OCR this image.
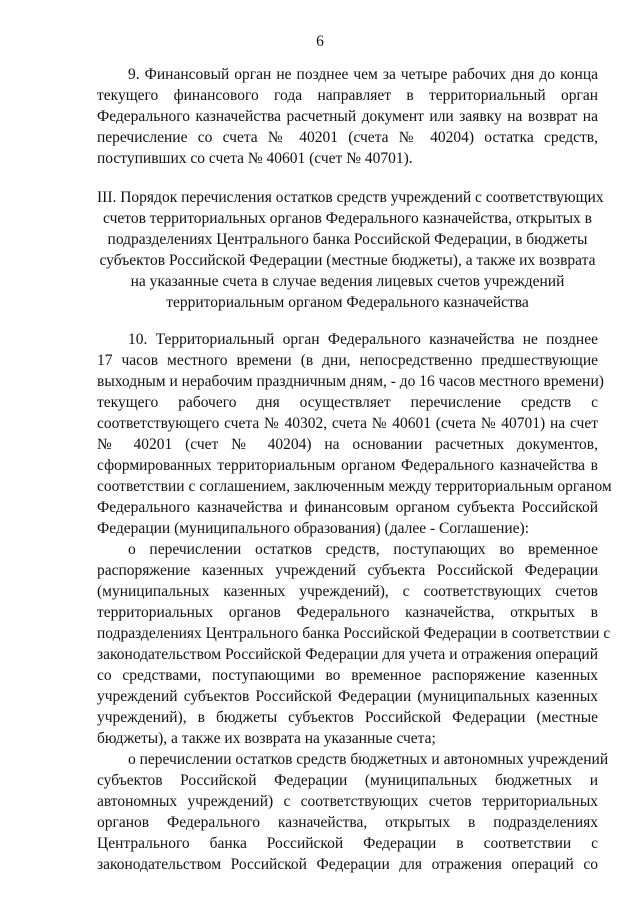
6
9. Финансовый орган не позднее чем за четыре рабочих дня до конца
текущего финансового года направляет в территориальный орган
Федерального казначейства расчетный документ или заявку на возврат на
перечисление со счета № 40201 (счета № 40204) остатка средств,
поступивших со счета № 40601 (счет № 40701).
III. Порядок перечисления остатков средств учреждений с соответствующих
счетов территориальных органов Федерального казначейства, открытых в
подразделениях Центрального банка Российской Федерации, в бюджеты
субъектов Российской Федерации (местные бюджеты), а также их возврата
на указанные счета в случае ведения лицевых счетов учреждений
территориальным органом Федерального казначейства
10. Территориальный орган Федерального казначейства не позднее
17 часов местного времени (в дни, непосредственно предшествующие
выходным и нерабочим праздничным дням, - до 16 часов местного времени)
текущего рабочего дня осуществляет перечисление средств с
соответствующего счета № 40302, счета № 40601 (счета № 40701) на счет
№ 40201 (счет № 40204) на основании расчетных документов,
сформированных территориальным органом Федерального казначейства в
соответствии с соглашением, заключенным между территориальным органом
Федерального казначейства и финансовым органом субъекта Российской
Федерации (муниципального образования) (далее - Соглашение):
о перечислении остатков средств, поступающих во временное
распоряжение казенных учреждений субъекта Российской Федерации
(муниципальных казенных учреждений), с соответствующих счетов
территориальных органов Федерального казначейства, открытых в
подразделениях Центрального банка Российской Федерации в соответствии с
законодательством Российской Федерации для учета и отражения операций
со средствами, поступающими во временное распоряжение казенных
учреждений субъектов Российской Федерации (муниципальных казенных
учреждений), в бюджеты субъектов Российской Федерации (местные
бюджеты), а также их возврата на указанные счета;
о перечислении остатков средств бюджетных и автономных учреждений
субъектов Российской Федерации (муниципальных бюджетных и
автономных учреждений) с соответствующих счетов территориальных
органов Федерального казначейства, открытых в подразделениях
Центрального банка Российской Федерации в соответствии с
законодательством Российской Федерации для отражения операций со
